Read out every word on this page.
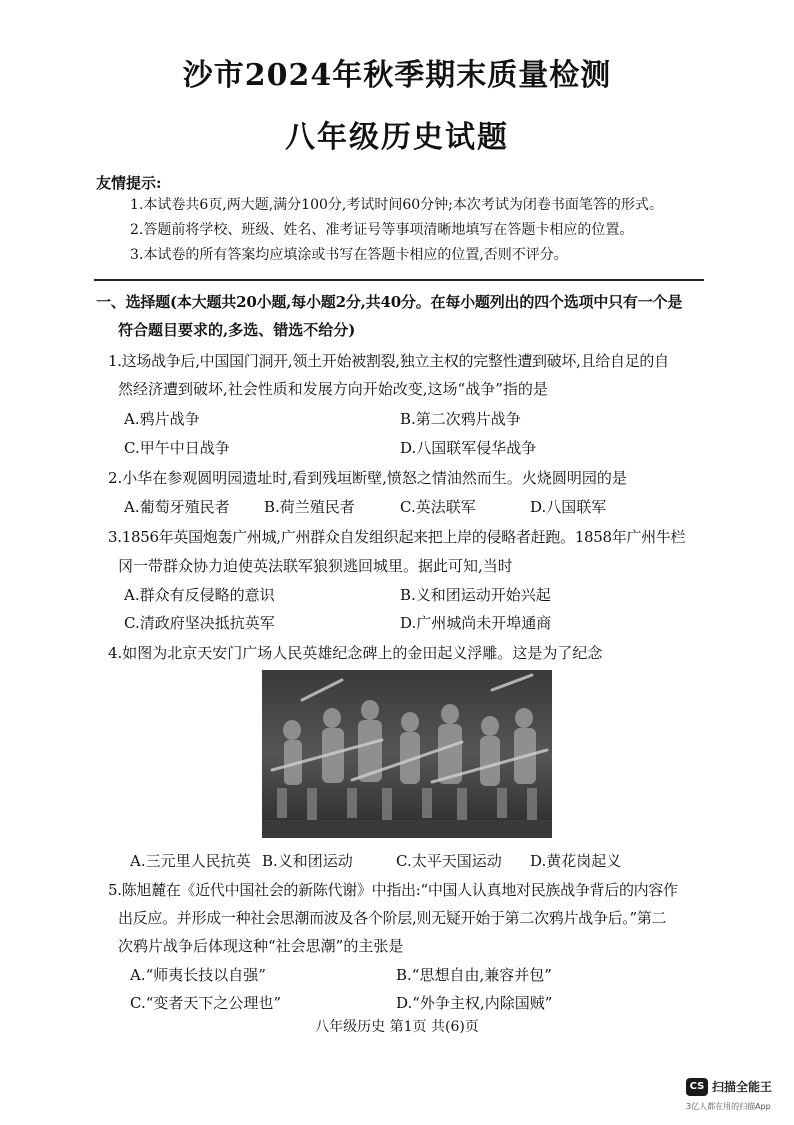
沙市2024年秋季期末质量检测
八年级历史试题
友情提示:
1.本试卷共6页,两大题,满分100分,考试时间60分钟;本次考试为闭卷书面笔答的形式。
2.答题前将学校、班级、姓名、准考证号等事项清晰地填写在答题卡相应的位置。
3.本试卷的所有答案均应填涂或书写在答题卡相应的位置,否则不评分。
一、选择题(本大题共20小题,每小题2分,共40分。在每小题列出的四个选项中只有一个是
符合题目要求的,多选、错选不给分)
1.这场战争后,中国国门洞开,领土开始被割裂,独立主权的完整性遭到破坏,且给自足的自
然经济遭到破坏,社会性质和发展方向开始改变,这场“战争”指的是
A.鸦片战争	B.第二次鸦片战争
C.甲午中日战争	D.八国联军侵华战争
2.小华在参观圆明园遗址时,看到残垣断壁,愤怒之情油然而生。火烧圆明园的是
A.葡萄牙殖民者 B.荷兰殖民者	C.英法联军	D.八国联军
3.1856年英国炮轰广州城,广州群众自发组织起来把上岸的侵略者赶跑。1858年广州牛栏
冈一带群众协力迫使英法联军狼狈逃回城里。据此可知,当时
A.群众有反侵略的意识	B.义和团运动开始兴起
C.清政府坚决抵抗英军	D.广州城尚未开埠通商
4.如图为北京天安门广场人民英雄纪念碑上的金田起义浮雕。这是为了纪念
A.三元里人民抗英 B.义和团运动	C.太平天国运动 D.黄花岗起义
5.陈旭麓在《近代中国社会的新陈代谢》中指出:“中国人认真地对民族战争背后的内容作
出反应。并形成一种社会思潮而波及各个阶层,则无疑开始于第二次鸦片战争后。”第二
次鸦片战争后体现这种“社会思潮”的主张是
A.“师夷长技以自强”	B.“思想自由,兼容并包”
C.“变者天下之公理也”	D.“外争主权,内除国贼”
八年级历史 第1页 共(6)页
CS 扫描全能王
3亿人都在用的扫描App
